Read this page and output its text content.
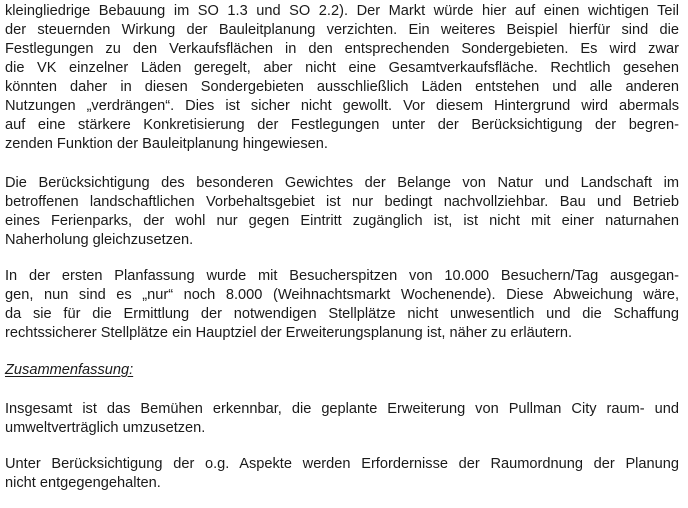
kleingliedrige Bebauung im SO 1.3 und SO 2.2). Der Markt würde hier auf einen wichtigen Teil
der steuernden Wirkung der Bauleitplanung verzichten. Ein weiteres Beispiel hierfür sind die
Festlegungen zu den Verkaufsflächen in den entsprechenden Sondergebieten. Es wird zwar
die VK einzelner Läden geregelt, aber nicht eine Gesamtverkaufsfläche. Rechtlich gesehen
könnten daher in diesen Sondergebieten ausschließlich Läden entstehen und alle anderen
Nutzungen „verdrängen“. Dies ist sicher nicht gewollt. Vor diesem Hintergrund wird abermals
auf eine stärkere Konkretisierung der Festlegungen unter der Berücksichtigung der begren-
zenden Funktion der Bauleitplanung hingewiesen.
Die Berücksichtigung des besonderen Gewichtes der Belange von Natur und Landschaft im
betroffenen landschaftlichen Vorbehaltsgebiet ist nur bedingt nachvollziehbar. Bau und Betrieb
eines Ferienparks, der wohl nur gegen Eintritt zugänglich ist, ist nicht mit einer naturnahen
Naherholung gleichzusetzen.
In der ersten Planfassung wurde mit Besucherspitzen von 10.000 Besuchern/Tag ausgegan-
gen, nun sind es „nur“ noch 8.000 (Weihnachtsmarkt Wochenende). Diese Abweichung wäre,
da sie für die Ermittlung der notwendigen Stellplätze nicht unwesentlich und die Schaffung
rechtssicherer Stellplätze ein Hauptziel der Erweiterungsplanung ist, näher zu erläutern.
Zusammenfassung:
Insgesamt ist das Bemühen erkennbar, die geplante Erweiterung von Pullman City raum- und
umweltverträglich umzusetzen.
Unter Berücksichtigung der o.g. Aspekte werden Erfordernisse der Raumordnung der Planung
nicht entgegengehalten.
